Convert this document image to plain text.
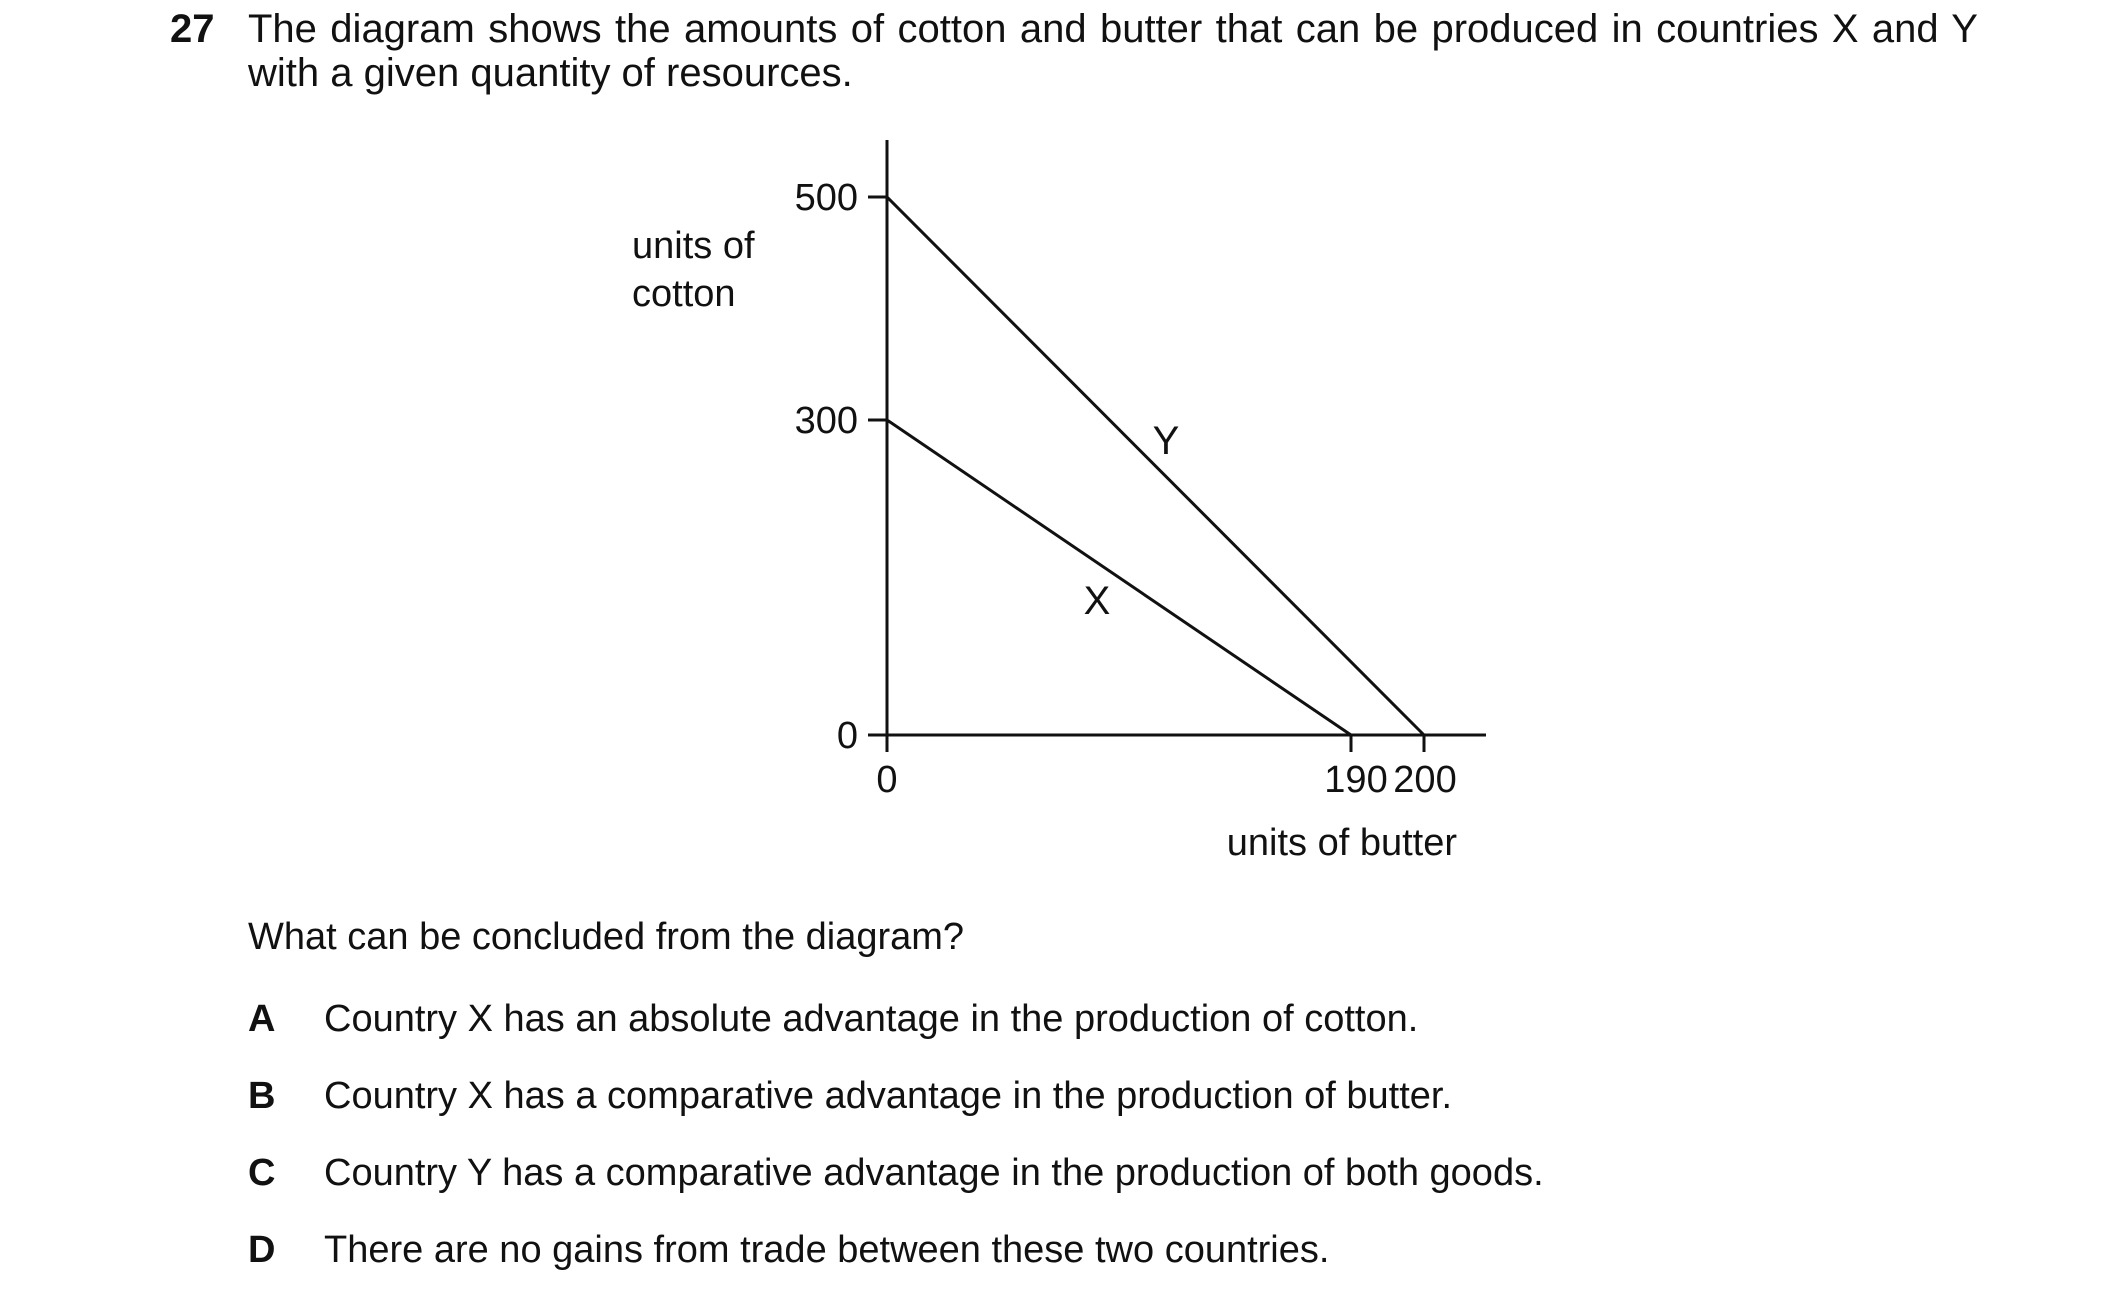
27 The diagram shows the amounts of cotton and butter that can be produced in countries X and Y
with a given quantity of resources.
units of
cotton
500
300
0
0	190 200
units of butter
Y
X
What can be concluded from the diagram?
A Country X has an absolute advantage in the production of cotton.
B Country X has a comparative advantage in the production of butter.
C Country Y has a comparative advantage in the production of both goods.
D There are no gains from trade between these two countries.
